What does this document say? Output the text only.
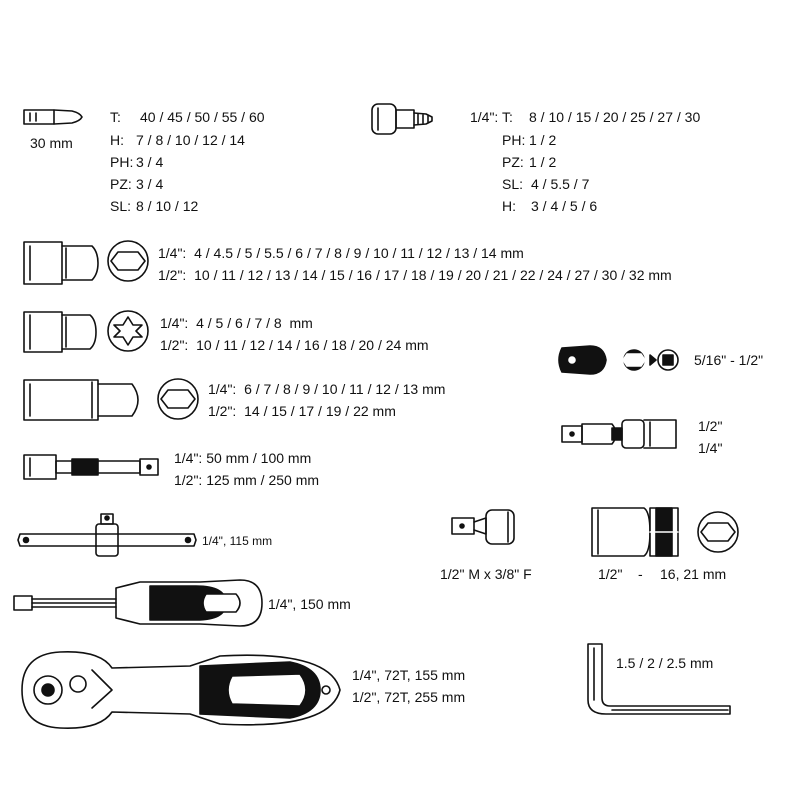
30 mm
T: 40 / 45 / 50 / 55 / 60
H: 7 / 8 / 10 / 12 / 14
PH: 3 / 4
PZ: 3 / 4
SL: 8 / 10 / 12
1/4": T: 8 / 10 / 15 / 20 / 25 / 27 / 30
PH: 1 / 2
PZ: 1 / 2
SL: 4 / 5.5 / 7
H: 3 / 4 / 5 / 6
1/4":  4 / 4.5 / 5 / 5.5 / 6 / 7 / 8 / 9 / 10 / 11 / 12 / 13 / 14 mm
1/2":  10 / 11 / 12 / 13 / 14 / 15 / 16 / 17 / 18 / 19 / 20 / 21 / 22 / 24 / 27 / 30 / 32 mm
1/4":  4 / 5 / 6 / 7 / 8  mm
1/2":  10 / 11 / 12 / 14 / 16 / 18 / 20 / 24 mm
1/4":  6 / 7 / 8 / 9 / 10 / 11 / 12 / 13 mm
1/2":  14 / 15 / 17 / 19 / 22 mm
1/4": 50 mm / 100 mm
1/2": 125 mm / 250 mm
1/4", 115 mm
1/4", 150 mm
1/4", 72T, 155 mm
1/2", 72T, 255 mm
5/16" - 1/2"
1/2"
1/4"
1/2" M x 3/8" F	1/2" - 16, 21 mm
1.5 / 2 / 2.5 mm
